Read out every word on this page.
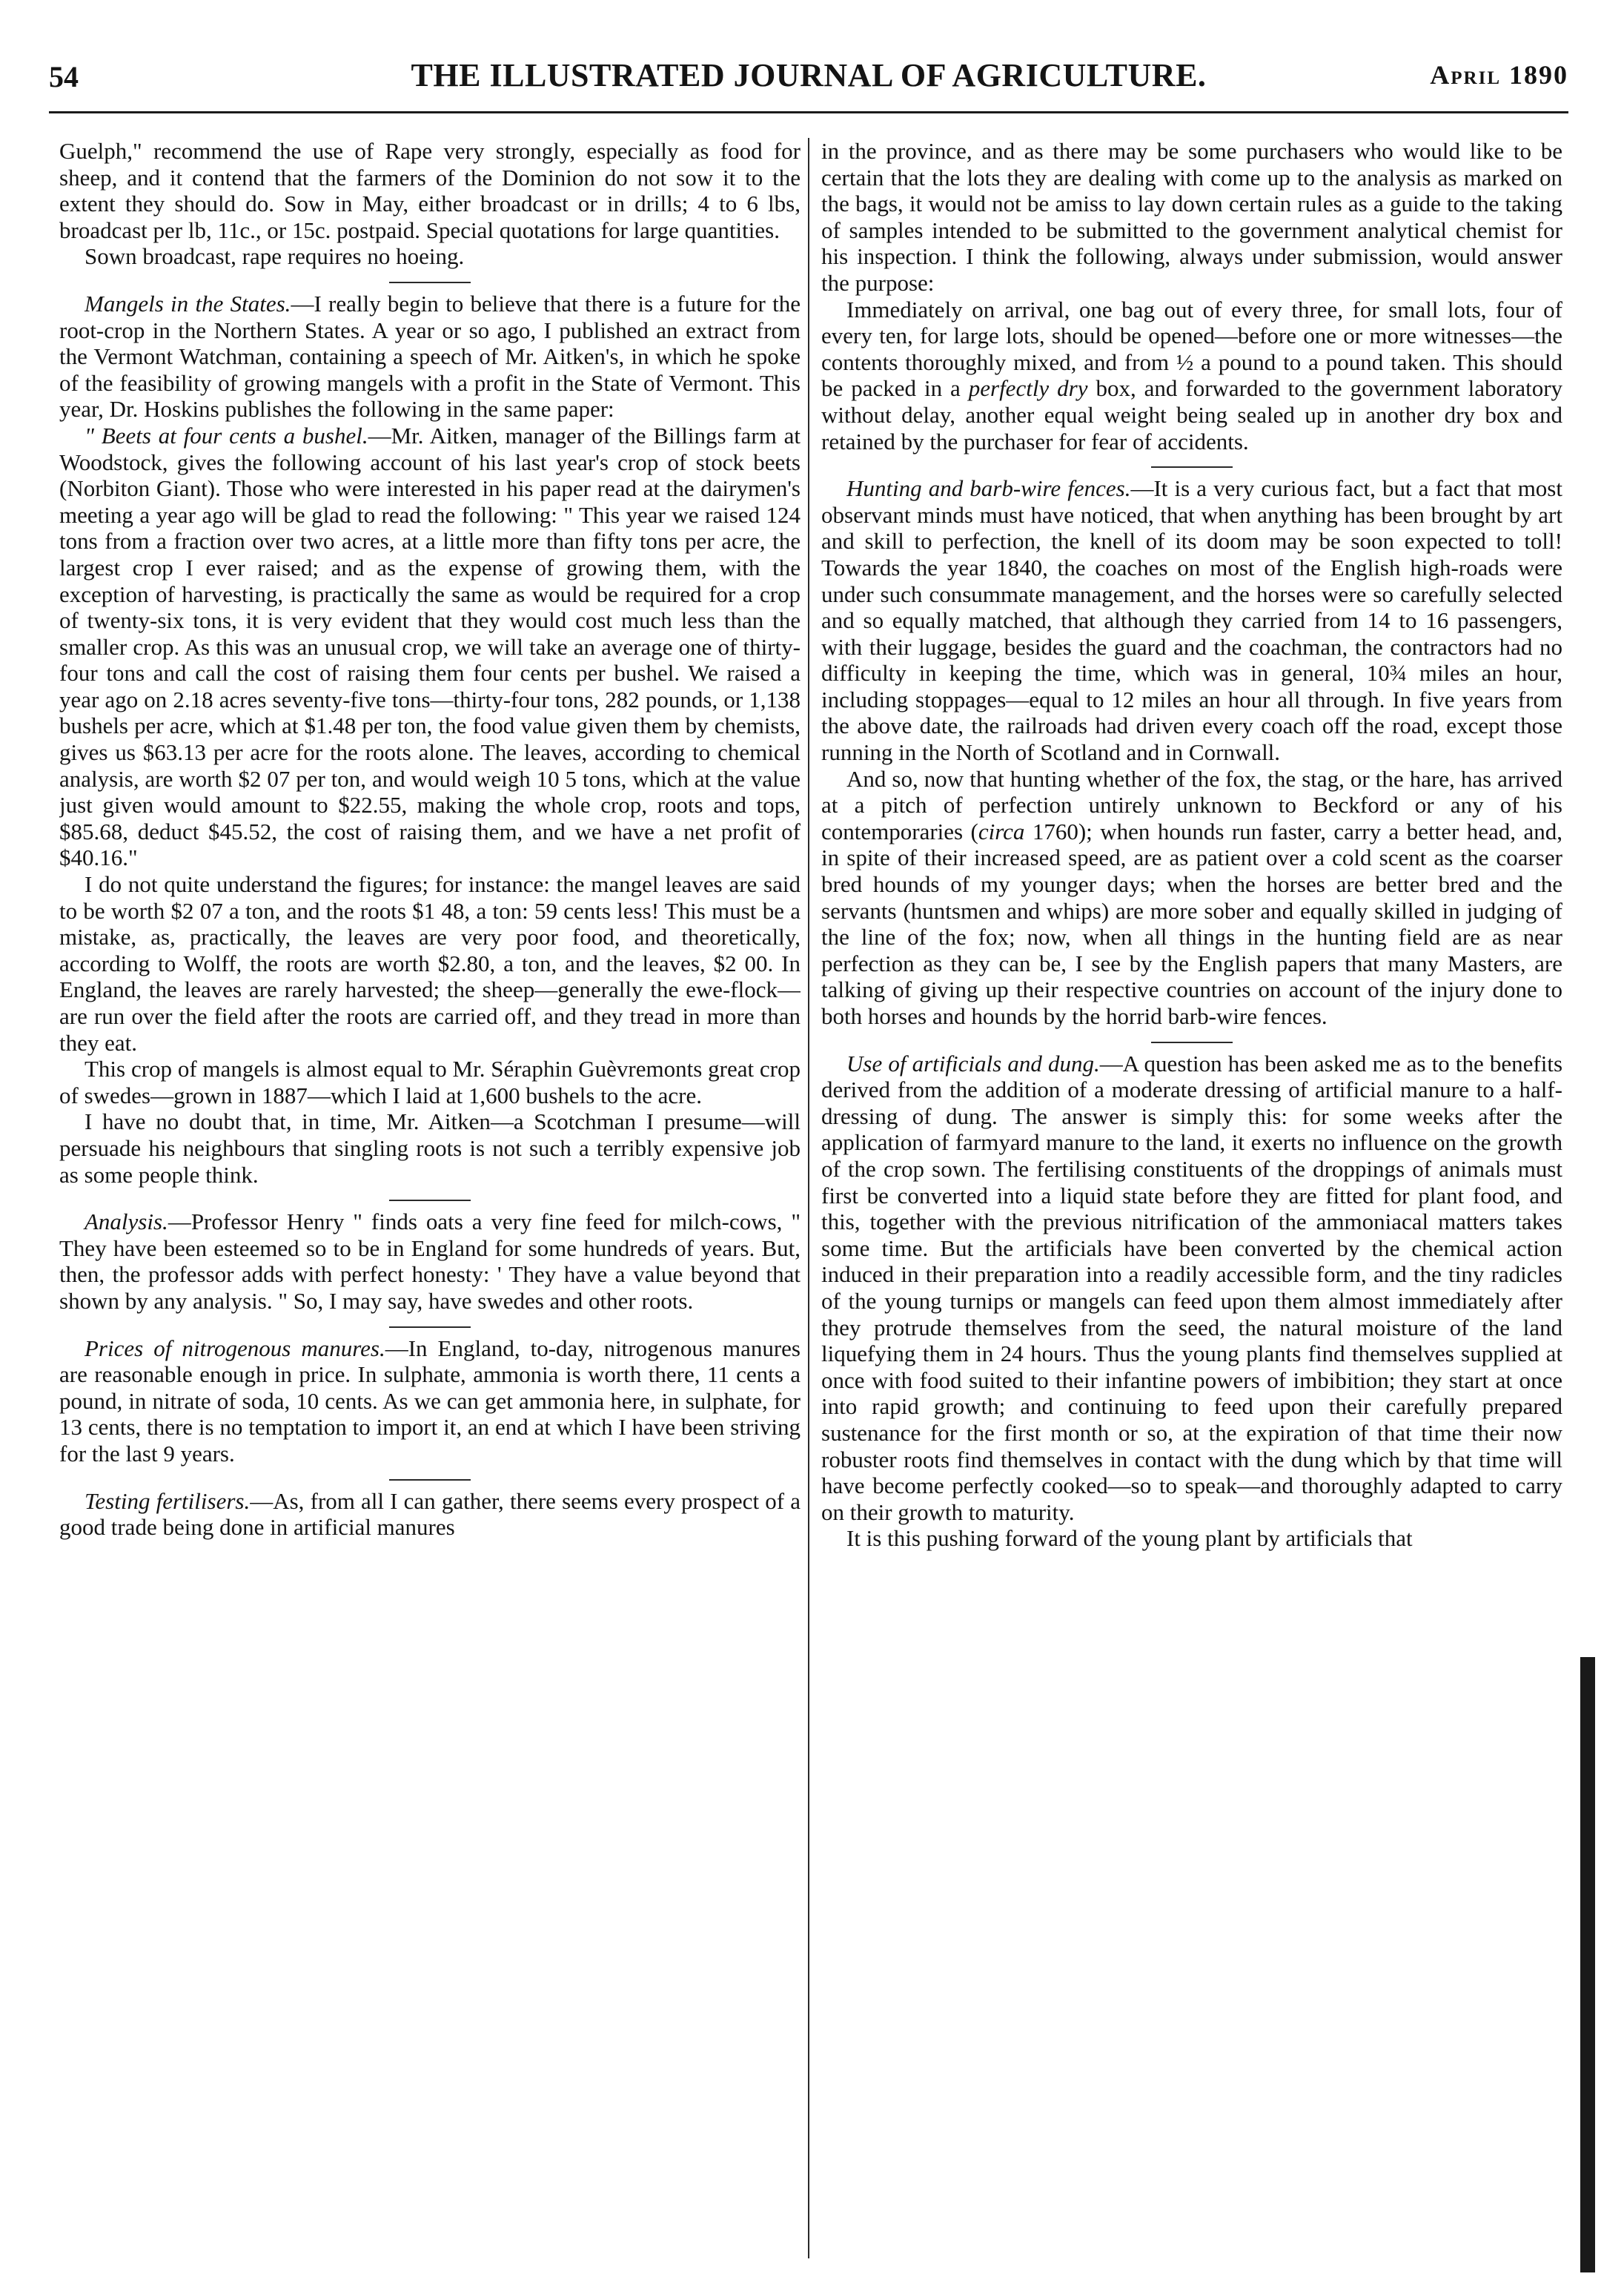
54	THE ILLUSTRATED JOURNAL OF AGRICULTURE.	April 1890

Guelph," recommend the use of Rape very strongly, especially as food for sheep, and it contend that the farmers of the Dominion do not sow it to the extent they should do. Sow in May, either broadcast or in drills; 4 to 6 lbs, broadcast per lb, 11c., or 15c. postpaid. Special quotations for large quantities.

Sown broadcast, rape requires no hoeing.

Mangels in the States.—I really begin to believe that there is a future for the root-crop in the Northern States. A year or so ago, I published an extract from the Vermont Watchman, containing a speech of Mr. Aitken's, in which he spoke of the feasibility of growing mangels with a profit in the State of Vermont. This year, Dr. Hoskins publishes the following in the same paper:

" Beets at four cents a bushel.—Mr. Aitken, manager of the Billings farm at Woodstock, gives the following account of his last year's crop of stock beets (Norbiton Giant). Those who were interested in his paper read at the dairymen's meeting a year ago will be glad to read the following: " This year we raised 124 tons from a fraction over two acres, at a little more than fifty tons per acre, the largest crop I ever raised; and as the expense of growing them, with the exception of harvesting, is practically the same as would be required for a crop of twenty-six tons, it is very evident that they would cost much less than the smaller crop. As this was an unusual crop, we will take an average one of thirty-four tons and call the cost of raising them four cents per bushel. We raised a year ago on 2.18 acres seventy-five tons—thirty-four tons, 282 pounds, or 1,138 bushels per acre, which at $1.48 per ton, the food value given them by chemists, gives us $63.13 per acre for the roots alone. The leaves, according to chemical analysis, are worth $2 07 per ton, and would weigh 10 5 tons, which at the value just given would amount to $22.55, making the whole crop, roots and tops, $85.68, deduct $45.52, the cost of raising them, and we have a net profit of $40.16."

I do not quite understand the figures; for instance: the mangel leaves are said to be worth $2 07 a ton, and the roots $1 48, a ton: 59 cents less! This must be a mistake, as, practically, the leaves are very poor food, and theoretically, according to Wolff, the roots are worth $2.80, a ton, and the leaves, $2 00. In England, the leaves are rarely harvested; the sheep—generally the ewe-flock—are run over the field after the roots are carried off, and they tread in more than they eat.

This crop of mangels is almost equal to Mr. Séraphin Guèvremonts great crop of swedes—grown in 1887—which I laid at 1,600 bushels to the acre.

I have no doubt that, in time, Mr. Aitken—a Scotchman I presume—will persuade his neighbours that singling roots is not such a terribly expensive job as some people think.

Analysis.—Professor Henry " finds oats a very fine feed for milch-cows, " They have been esteemed so to be in England for some hundreds of years. But, then, the professor adds with perfect honesty: ' They have a value beyond that shown by any analysis. " So, I may say, have swedes and other roots.

Prices of nitrogenous manures.—In England, to-day, nitrogenous manures are reasonable enough in price. In sulphate, ammonia is worth there, 11 cents a pound, in nitrate of soda, 10 cents. As we can get ammonia here, in sulphate, for 13 cents, there is no temptation to import it, an end at which I have been striving for the last 9 years.

Testing fertilisers.—As, from all I can gather, there seems every prospect of a good trade being done in artificial manures

in the province, and as there may be some purchasers who would like to be certain that the lots they are dealing with come up to the analysis as marked on the bags, it would not be amiss to lay down certain rules as a guide to the taking of samples intended to be submitted to the government analytical chemist for his inspection. I think the following, always under submission, would answer the purpose:

Immediately on arrival, one bag out of every three, for small lots, four of every ten, for large lots, should be opened—before one or more witnesses—the contents thoroughly mixed, and from ½ a pound to a pound taken. This should be packed in a perfectly dry box, and forwarded to the government laboratory without delay, another equal weight being sealed up in another dry box and retained by the purchaser for fear of accidents.

Hunting and barb-wire fences.—It is a very curious fact, but a fact that most observant minds must have noticed, that when anything has been brought by art and skill to perfection, the knell of its doom may be soon expected to toll! Towards the year 1840, the coaches on most of the English high-roads were under such consummate management, and the horses were so carefully selected and so equally matched, that although they carried from 14 to 16 passengers, with their luggage, besides the guard and the coachman, the contractors had no difficulty in keeping the time, which was in general, 10¾ miles an hour, including stoppages—equal to 12 miles an hour all through. In five years from the above date, the railroads had driven every coach off the road, except those running in the North of Scotland and in Cornwall.

And so, now that hunting whether of the fox, the stag, or the hare, has arrived at a pitch of perfection untirely unknown to Beckford or any of his contemporaries (circa 1760); when hounds run faster, carry a better head, and, in spite of their increased speed, are as patient over a cold scent as the coarser bred hounds of my younger days; when the horses are better bred and the servants (huntsmen and whips) are more sober and equally skilled in judging of the line of the fox; now, when all things in the hunting field are as near perfection as they can be, I see by the English papers that many Masters, are talking of giving up their respective countries on account of the injury done to both horses and hounds by the horrid barb-wire fences.

Use of artificials and dung.—A question has been asked me as to the benefits derived from the addition of a moderate dressing of artificial manure to a half-dressing of dung. The answer is simply this: for some weeks after the application of farmyard manure to the land, it exerts no influence on the growth of the crop sown. The fertilising constituents of the droppings of animals must first be converted into a liquid state before they are fitted for plant food, and this, together with the previous nitrification of the ammoniacal matters takes some time. But the artificials have been converted by the chemical action induced in their preparation into a readily accessible form, and the tiny radicles of the young turnips or mangels can feed upon them almost immediately after they protrude themselves from the seed, the natural moisture of the land liquefying them in 24 hours. Thus the young plants find themselves supplied at once with food suited to their infantine powers of imbibition; they start at once into rapid growth; and continuing to feed upon their carefully prepared sustenance for the first month or so, at the expiration of that time their now robuster roots find themselves in contact with the dung which by that time will have become perfectly cooked—so to speak—and thoroughly adapted to carry on their growth to maturity.

It is this pushing forward of the young plant by artificials that
